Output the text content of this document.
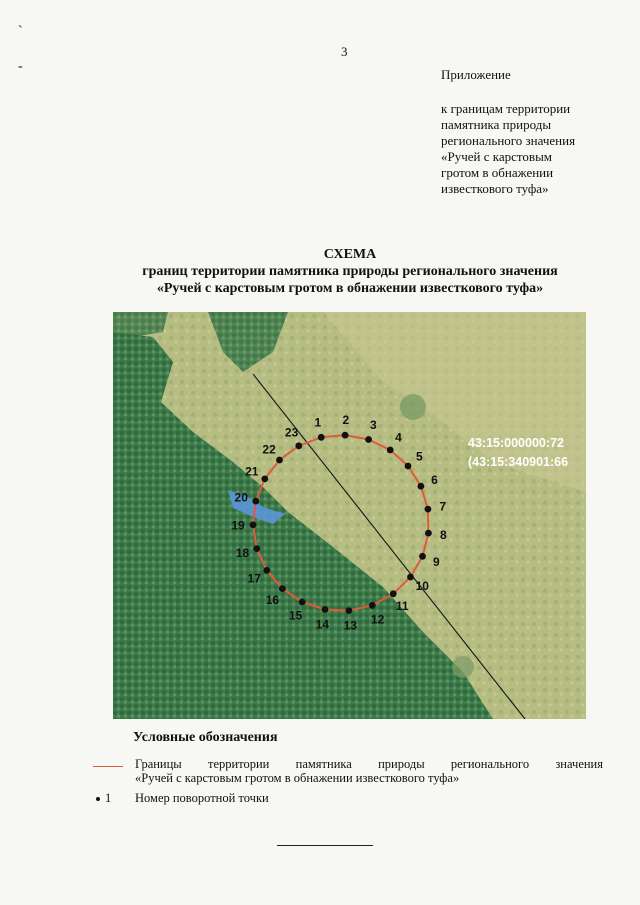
`
-
3
Приложение
к границам территории
памятника природы
регионального значения
«Ручей с карстовым
гротом в обнажении
известкового туфа»
СХЕМА
границ территории памятника природы регионального значения
«Ручей с карстовым гротом в обнажении известкового туфа»
1 2 3
4
5
6
7
8
9
10
11
12
13
14
15
16
17
18
19
20
21
22
23
43:15:000000:72
(43:15:340901:66
Условные обозначения
Границы территории памятника природы регионального значения
«Ручей с карстовым гротом в обнажении известкового туфа»
1 Номер поворотной точки
